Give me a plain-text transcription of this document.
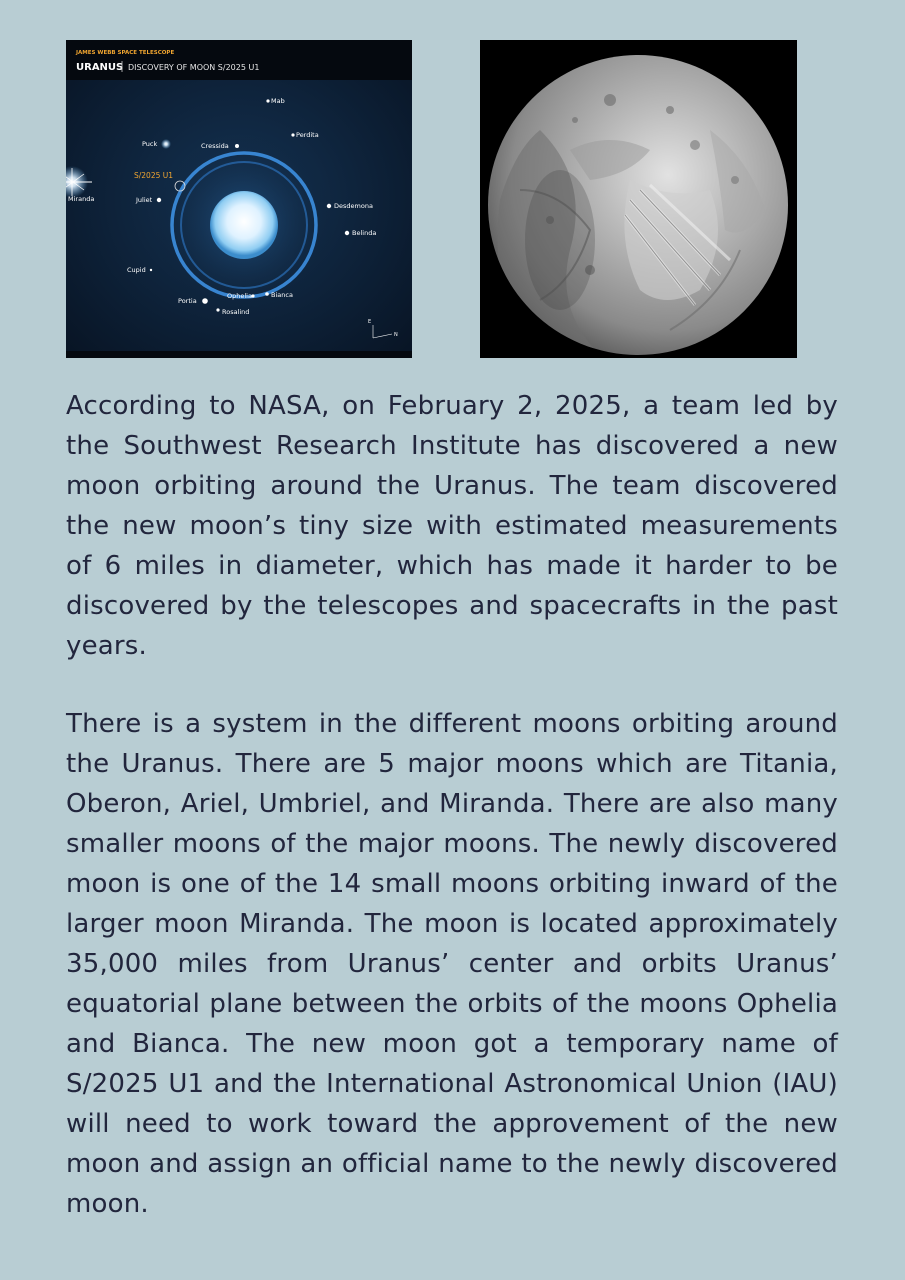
JAMES WEBB SPACE TELESCOPE
URANUS DISCOVERY OF MOON S/2025 U1
Mab
Perdita
Puck	Cressida
Miranda	Juliet
Desdemona
Belinda
Cupid
Portia
Ophelia	Bianca
Rosalind
S/2025 U1
E
N

According to NASA, on February 2, 2025, a team led by the Southwest Research Institute has discovered a new moon orbiting around the Uranus. The team discovered the new moon’s tiny size with estimated measurements of 6 miles in diameter, which has made it harder to be discovered by the telescopes and spacecrafts in the past years.

There is a system in the different moons orbiting around the Uranus. There are 5 major moons which are Titania, Oberon, Ariel, Umbriel, and Miranda. There are also many smaller moons of the major moons. The newly discovered moon is one of the 14 small moons orbiting inward of the larger moon Miranda. The moon is located approximately 35,000 miles from Uranus’ center and orbits Uranus’ equatorial plane between the orbits of the moons Ophelia and Bianca. The new moon got a temporary name of S/2025 U1 and the International Astronomical Union (IAU) will need to work toward the approvement of the new moon and assign an official name to the newly discovered moon.
